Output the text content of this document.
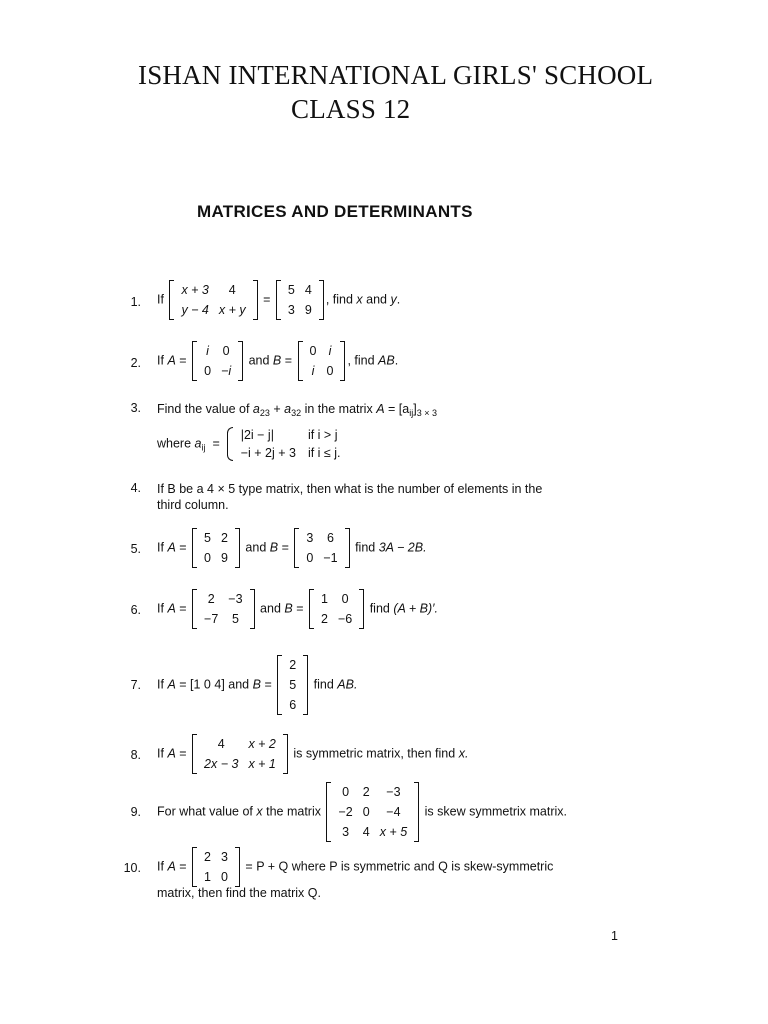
ISHAN INTERNATIONAL GIRLS' SCHOOL
CLASS 12
MATRICES AND DETERMINANTS
1. If
x + 3	4
y − 4	x + y
=
5	4
3	9
, find x and y.
2. If A =
i	0
0	−i
and B =
0	i
i	0
, find AB.
3. Find the value of $a_{23} + a_{32}$ in the matrix $A = [a_{ij}]_{3 \times 3}$
where $a_{ij}$  =
|2i − j|	if i > j
−i + 2j + 3	if i ≤ j.
4. If B be a 4 × 5 type matrix, then what is the number of elements in the
third column.
5. If A =
5	2
0	9
and B =
3	6
0	−1
find 3A − 2B.
6. If A =
2	−3
−7	5
and B =
1	0
2	−6
find (A + B)′.
7. If A = [1 0 4] and B =
2
5
6
find AB.
8. If A =
4	x + 2
2x − 3	x + 1
is symmetric matrix, then find x.
9. For what value of x the matrix
0	2	−3
−2	0	−4
3	4	x + 5
is skew symmetrix matrix.
10. If A =
2	3
1	0
= P + Q where P is symmetric and Q is skew-symmetric
matrix, then find the matrix Q.
1
